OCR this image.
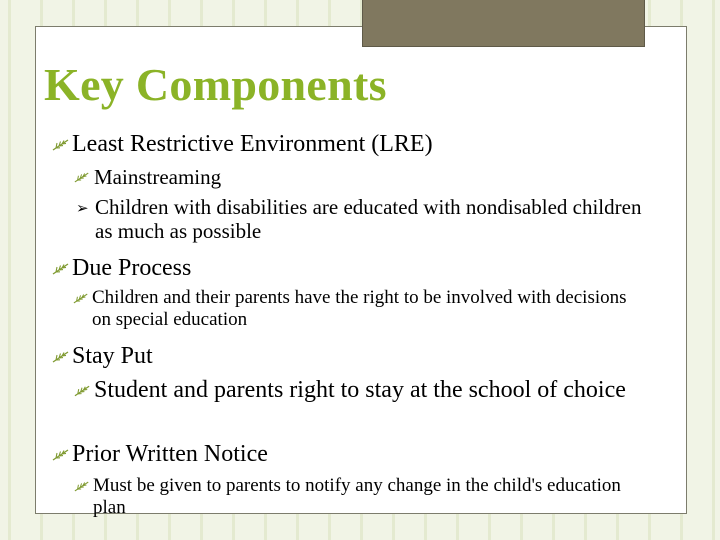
Key Components
Least Restrictive Environment (LRE)
Mainstreaming
➢ Children with disabilities are educated with nondisabled children as much as possible
Due Process
Children and their parents have the right to be involved with decisions on special education
Stay Put
Student and parents right to stay at the school of choice
Prior Written Notice
Must be given to parents to notify any change in the child's education plan
